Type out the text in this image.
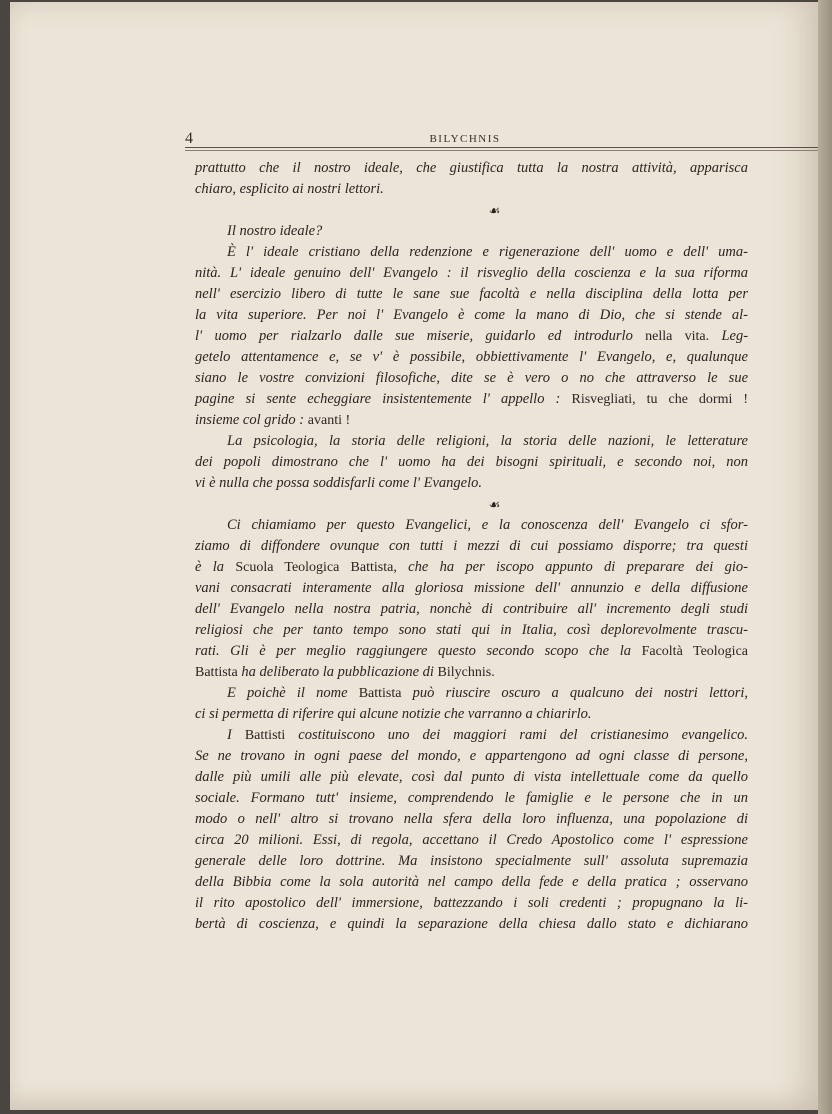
4	BILYCHNIS
prattutto che il nostro ideale, che giustifica tutta la nostra attività, apparisca
chiaro, esplicito ai nostri lettori.
☙
Il nostro ideale?
È l' ideale cristiano della redenzione e rigenerazione dell' uomo e dell' uma-
nità. L' ideale genuino dell' Evangelo : il risveglio della coscienza e la sua riforma
nell' esercizio libero di tutte le sane sue facoltà e nella disciplina della lotta per
la vita superiore. Per noi l' Evangelo è come la mano di Dio, che si stende al-
l' uomo per rialzarlo dalle sue miserie, guidarlo ed introdurlo nella vita. Leg-
getelo attentamence e, se v' è possibile, obbiettivamente l' Evangelo, e, qualunque
siano le vostre convizioni filosofiche, dite se è vero o no che attraverso le sue
pagine si sente echeggiare insistentemente l' appello : Risvegliati, tu che dormi !
insieme col grido : avanti !
La psicologia, la storia delle religioni, la storia delle nazioni, le letterature
dei popoli dimostrano che l' uomo ha dei bisogni spirituali, e secondo noi, non
vi è nulla che possa soddisfarli come l' Evangelo.
☙
Ci chiamiamo per questo Evangelici, e la conoscenza dell' Evangelo ci sfor-
ziamo di diffondere ovunque con tutti i mezzi di cui possiamo disporre; tra questi
è la Scuola Teologica Battista, che ha per iscopo appunto di preparare dei gio-
vani consacrati interamente alla gloriosa missione dell' annunzio e della diffusione
dell' Evangelo nella nostra patria, nonchè di contribuire all' incremento degli studi
religiosi che per tanto tempo sono stati qui in Italia, così deplorevolmente trascu-
rati. Gli è per meglio raggiungere questo secondo scopo che la Facoltà Teologica
Battista ha deliberato la pubblicazione di Bilychnis.
E poichè il nome Battista può riuscire oscuro a qualcuno dei nostri lettori,
ci si permetta di riferire qui alcune notizie che varranno a chiarirlo.
I Battisti costituiscono uno dei maggiori rami del cristianesimo evangelico.
Se ne trovano in ogni paese del mondo, e appartengono ad ogni classe di persone,
dalle più umili alle più elevate, così dal punto di vista intellettuale come da quello
sociale. Formano tutt' insieme, comprendendo le famiglie e le persone che in un
modo o nell' altro si trovano nella sfera della loro influenza, una popolazione di
circa 20 milioni. Essi, di regola, accettano il Credo Apostolico come l' espressione
generale delle loro dottrine. Ma insistono specialmente sull' assoluta supremazia
della Bibbia come la sola autorità nel campo della fede e della pratica ; osservano
il rito apostolico dell' immersione, battezzando i soli credenti ; propugnano la li-
bertà di coscienza, e quindi la separazione della chiesa dallo stato e dichiarano
